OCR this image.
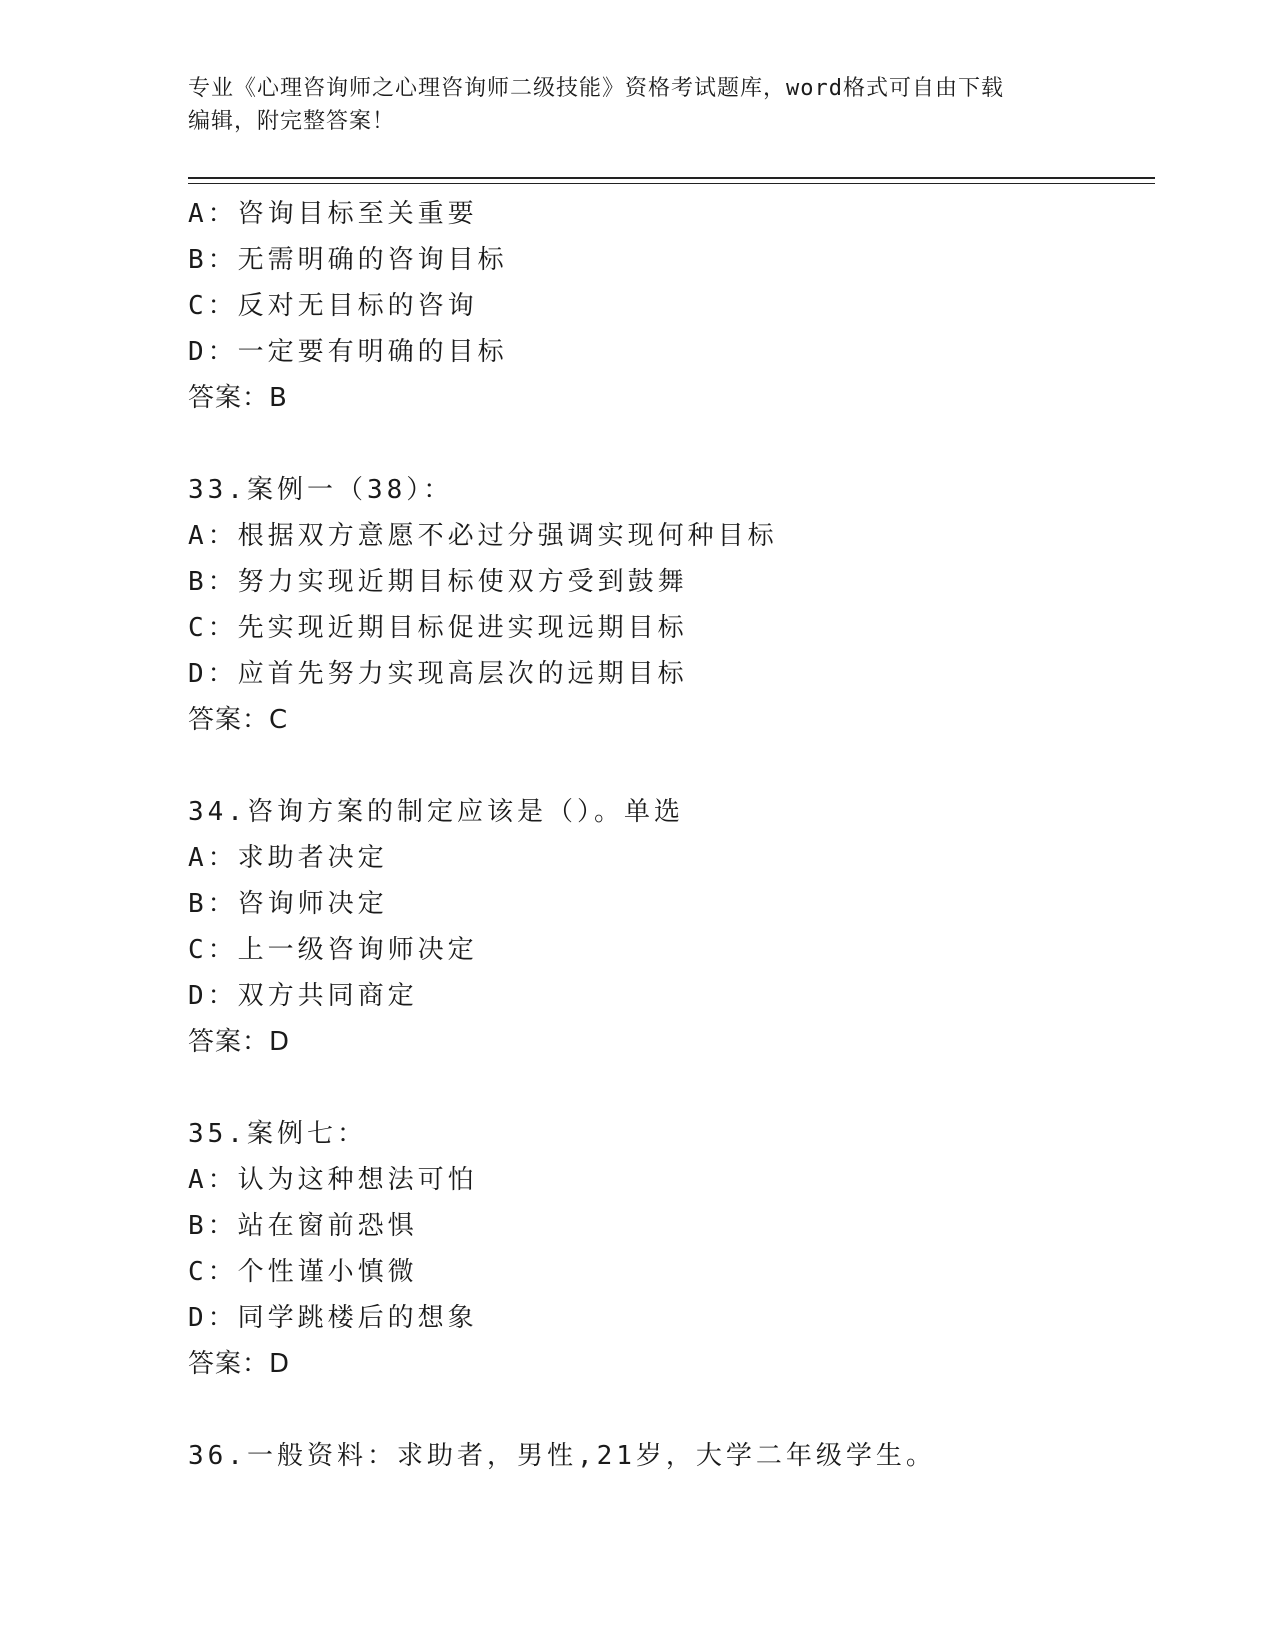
专业《心理咨询师之心理咨询师二级技能》资格考试题库，word格式可自由下载
编辑，附完整答案！
A：咨询目标至关重要
B：无需明确的咨询目标
C：反对无目标的咨询
D：一定要有明确的目标
答案：B
33.案例一（38）：
A：根据双方意愿不必过分强调实现何种目标
B：努力实现近期目标使双方受到鼓舞
C：先实现近期目标促进实现远期目标
D：应首先努力实现高层次的远期目标
答案：C
34.咨询方案的制定应该是（）。单选
A：求助者决定
B：咨询师决定
C：上一级咨询师决定
D：双方共同商定
答案：D
35.案例七：
A：认为这种想法可怕
B：站在窗前恐惧
C：个性谨小慎微
D：同学跳楼后的想象
答案：D
36.一般资料：求助者，男性,21岁，大学二年级学生。
